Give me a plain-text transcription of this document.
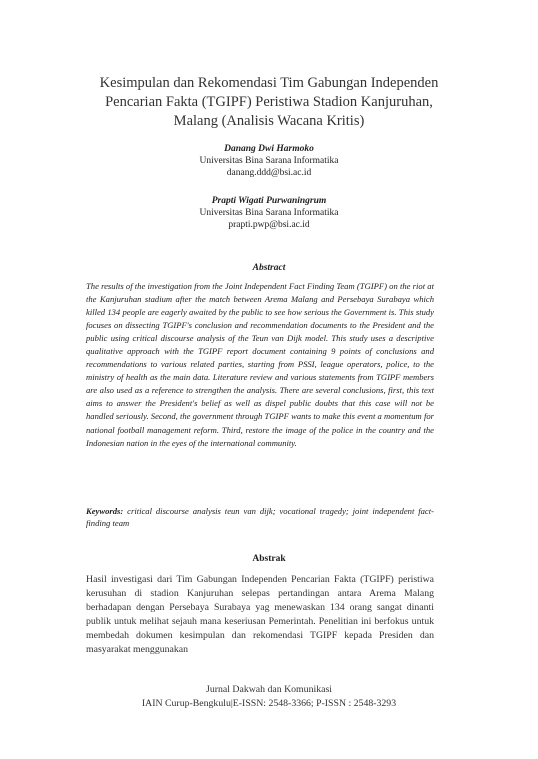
Kesimpulan dan Rekomendasi Tim Gabungan Independen
Pencarian Fakta (TGIPF) Peristiwa Stadion Kanjuruhan,
Malang (Analisis Wacana Kritis)
Danang Dwi Harmoko
Universitas Bina Sarana Informatika
danang.ddd@bsi.ac.id
Prapti Wigati Purwaningrum
Universitas Bina Sarana Informatika
prapti.pwp@bsi.ac.id
Abstract
The results of the investigation from the Joint Independent Fact Finding Team (TGIPF) on the riot at the Kanjuruhan stadium after the match between Arema Malang and Persebaya Surabaya which killed 134 people are eagerly awaited by the public to see how serious the Government is. This study focuses on dissecting TGIPF's conclusion and recommendation documents to the President and the public using critical discourse analysis of the Teun van Dijk model. This study uses a descriptive qualitative approach with the TGIPF report document containing 9 points of conclusions and recommendations to various related parties, starting from PSSI, league operators, police, to the ministry of health as the main data. Literature review and various statements from TGIPF members are also used as a reference to strengthen the analysis. There are several conclusions, first, this text aims to answer the President's belief as well as dispel public doubts that this case will not be handled seriously. Second, the government through TGIPF wants to make this event a momentum for national football management reform. Third, restore the image of the police in the country and the Indonesian nation in the eyes of the international community.
Keywords: critical discourse analysis teun van dijk; vocational tragedy; joint independent fact-finding team
Abstrak
Hasil investigasi dari Tim Gabungan Independen Pencarian Fakta (TGIPF) peristiwa kerusuhan di stadion Kanjuruhan selepas pertandingan antara Arema Malang berhadapan dengan Persebaya Surabaya yag menewaskan 134 orang sangat dinanti publik untuk melihat sejauh mana keseriusan Pemerintah. Penelitian ini berfokus untuk membedah dokumen kesimpulan dan rekomendasi TGIPF kepada Presiden dan masyarakat menggunakan
Jurnal Dakwah dan Komunikasi
IAIN Curup-Bengkulu|E-ISSN: 2548-3366; P-ISSN : 2548-3293
